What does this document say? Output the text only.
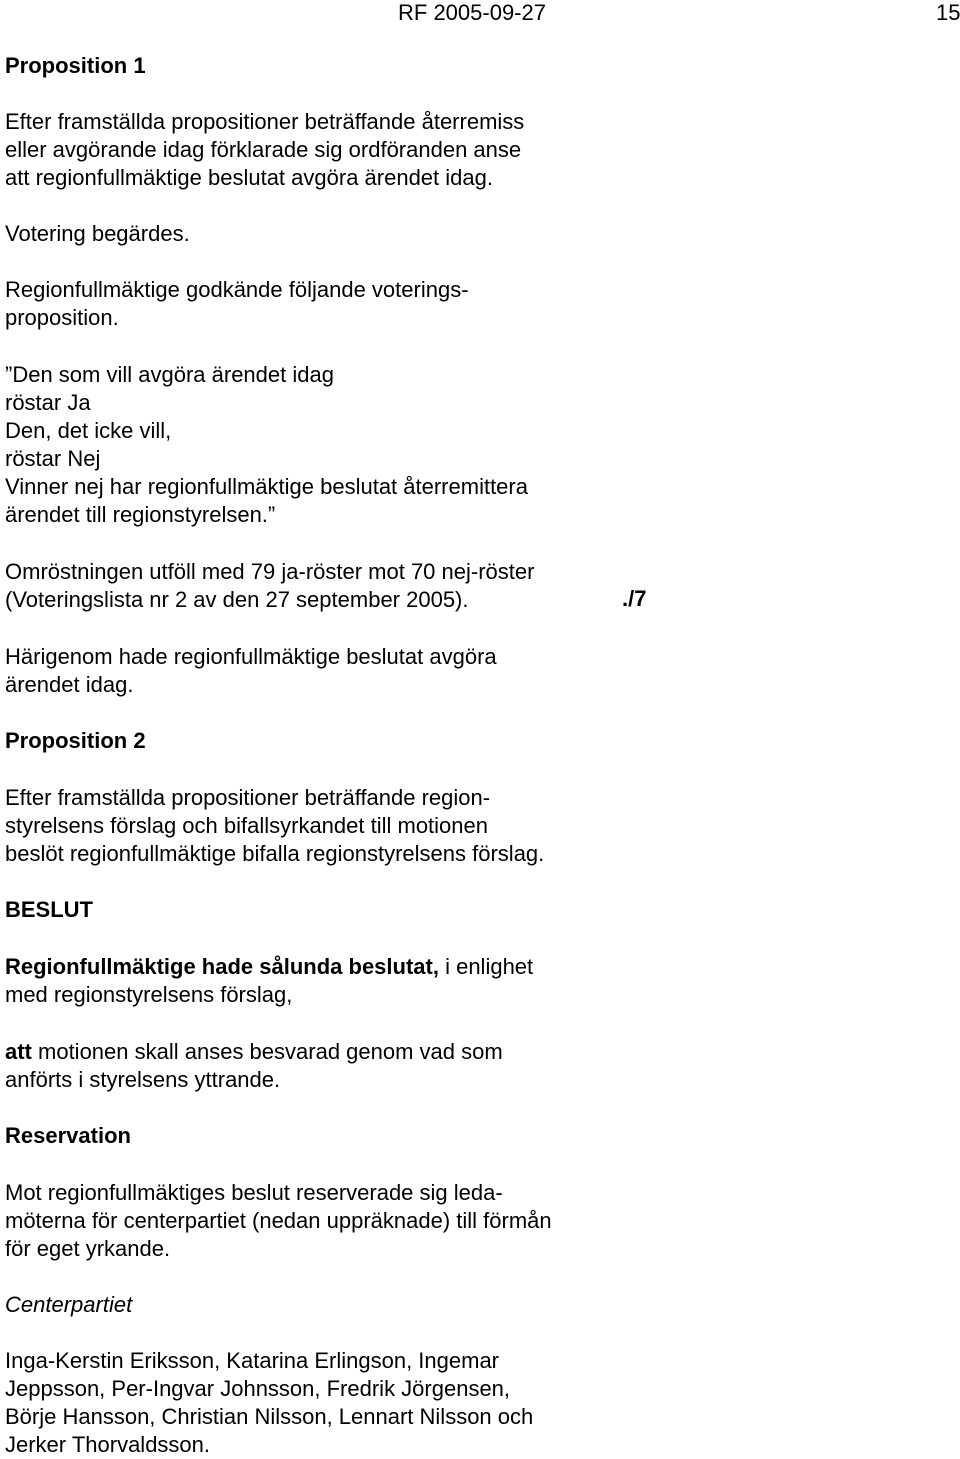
RF 2005-09-27	15
Proposition 1
Efter framställda propositioner beträffande återremiss
eller avgörande idag förklarade sig ordföranden anse
att regionfullmäktige beslutat avgöra ärendet idag.
Votering begärdes.
Regionfullmäktige godkände följande voterings-
proposition.
”Den som vill avgöra ärendet idag
röstar Ja
Den, det icke vill,
röstar Nej
Vinner nej har regionfullmäktige beslutat återremittera
ärendet till regionstyrelsen.”
Omröstningen utföll med 79 ja-röster mot 70 nej-röster
(Voteringslista nr 2 av den 27 september 2005).	./7
Härigenom hade regionfullmäktige beslutat avgöra
ärendet idag.
Proposition 2
Efter framställda propositioner beträffande region-
styrelsens förslag och bifallsyrkandet till motionen
beslöt regionfullmäktige bifalla regionstyrelsens förslag.
BESLUT
Regionfullmäktige hade sålunda beslutat, i enlighet
med regionstyrelsens förslag,
att motionen skall anses besvarad genom vad som
anförts i styrelsens yttrande.
Reservation
Mot regionfullmäktiges beslut reserverade sig leda-
möterna för centerpartiet (nedan uppräknade) till förmån
för eget yrkande.
Centerpartiet
Inga-Kerstin Eriksson, Katarina Erlingson, Ingemar
Jeppsson, Per-Ingvar Johnsson, Fredrik Jörgensen,
Börje Hansson, Christian Nilsson, Lennart Nilsson och
Jerker Thorvaldsson.
